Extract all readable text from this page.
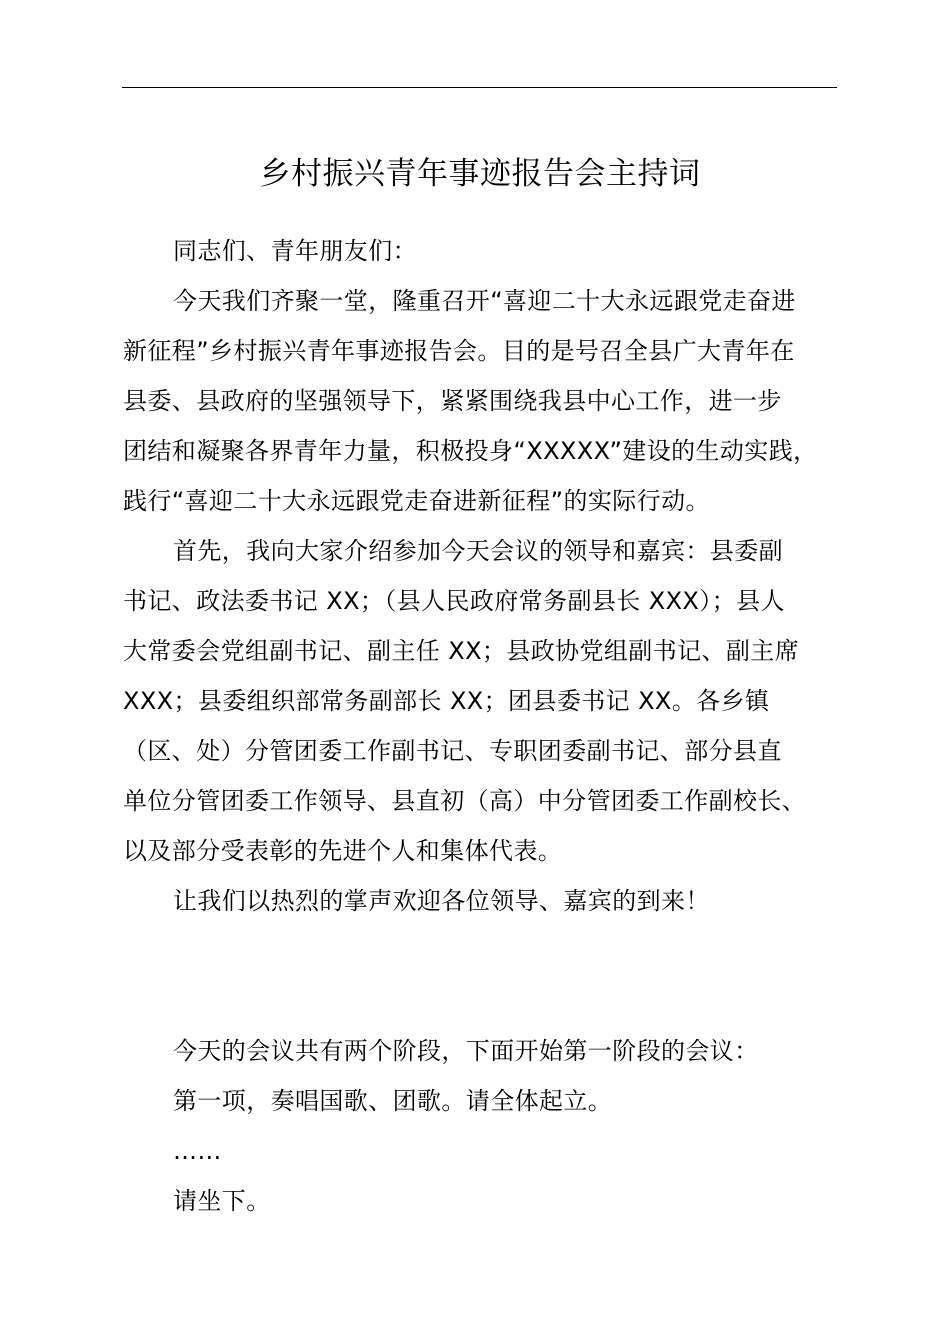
乡村振兴青年事迹报告会主持词
同志们、青年朋友们：
今天我们齐聚一堂，隆重召开“喜迎二十大永远跟党走奋进
新征程”乡村振兴青年事迹报告会。目的是号召全县广大青年在
县委、县政府的坚强领导下，紧紧围绕我县中心工作，进一步
团结和凝聚各界青年力量，积极投身“XXXXX”建设的生动实践，
践行“喜迎二十大永远跟党走奋进新征程”的实际行动。
首先，我向大家介绍参加今天会议的领导和嘉宾：县委副
书记、政法委书记 XX；（县人民政府常务副县长 XXX）；县人
大常委会党组副书记、副主任 XX；县政协党组副书记、副主席
XXX；县委组织部常务副部长 XX；团县委书记 XX。各乡镇
（区、处）分管团委工作副书记、专职团委副书记、部分县直
单位分管团委工作领导、县直初（高）中分管团委工作副校长、
以及部分受表彰的先进个人和集体代表。
让我们以热烈的掌声欢迎各位领导、嘉宾的到来！
今天的会议共有两个阶段，下面开始第一阶段的会议：
第一项，奏唱国歌、团歌。请全体起立。
……
请坐下。
